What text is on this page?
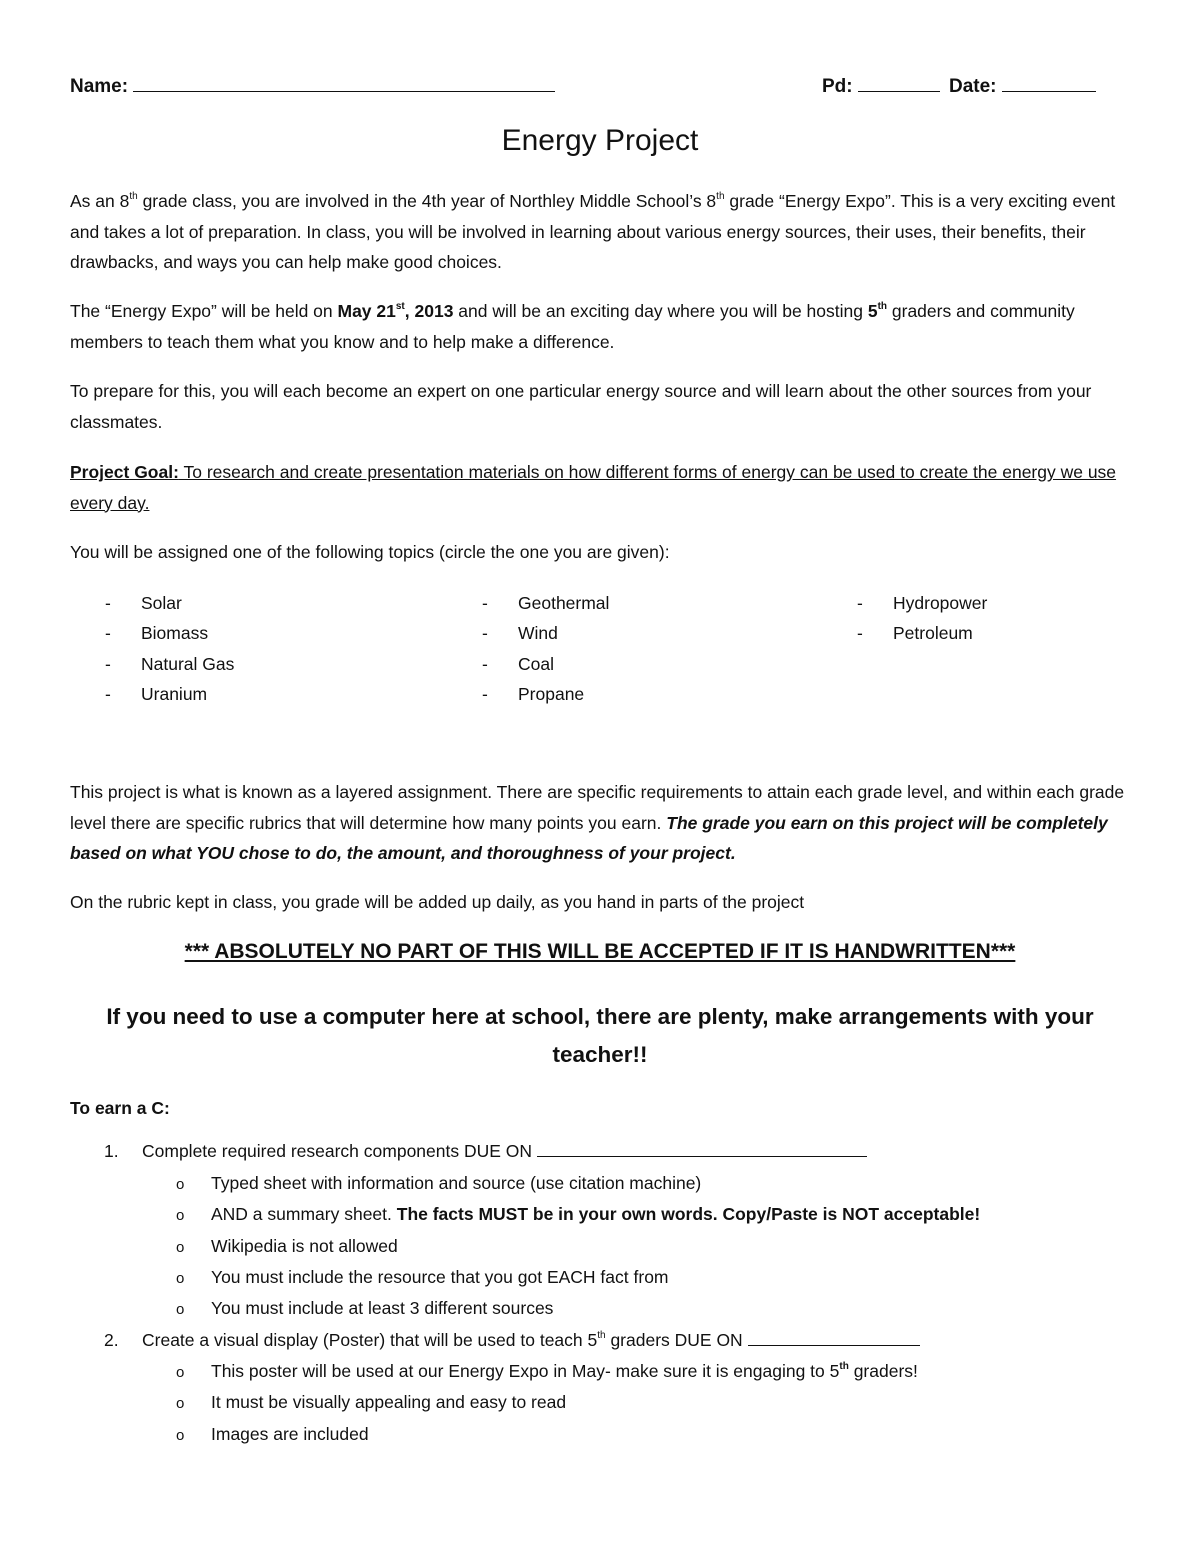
Name:	Pd:	Date:
Energy Project
As an 8th grade class, you are involved in the 4th year of Northley Middle School’s 8th grade “Energy Expo”. This is a very exciting event and takes a lot of preparation. In class, you will be involved in learning about various energy sources, their uses, their benefits, their drawbacks, and ways you can help make good choices.
The “Energy Expo” will be held on May 21st, 2013 and will be an exciting day where you will be hosting 5th graders and community members to teach them what you know and to help make a difference.
To prepare for this, you will each become an expert on one particular energy source and will learn about the other sources from your classmates.
Project Goal: To research and create presentation materials on how different forms of energy can be used to create the energy we use every day.
You will be assigned one of the following topics (circle the one you are given):
- Solar
- Biomass
- Natural Gas
- Uranium
- Geothermal
- Wind
- Coal
- Propane
- Hydropower
- Petroleum
This project is what is known as a layered assignment. There are specific requirements to attain each grade level, and within each grade level there are specific rubrics that will determine how many points you earn. The grade you earn on this project will be completely based on what YOU chose to do, the amount, and thoroughness of your project.
On the rubric kept in class, you grade will be added up daily, as you hand in parts of the project
*** ABSOLUTELY NO PART OF THIS WILL BE ACCEPTED IF IT IS HANDWRITTEN***
If you need to use a computer here at school, there are plenty, make arrangements with your teacher!!
To earn a C:
1. Complete required research components DUE ON
o Typed sheet with information and source (use citation machine)
o AND a summary sheet. The facts MUST be in your own words. Copy/Paste is NOT acceptable!
o Wikipedia is not allowed
o You must include the resource that you got EACH fact from
o You must include at least 3 different sources
2. Create a visual display (Poster) that will be used to teach 5th graders DUE ON
o This poster will be used at our Energy Expo in May- make sure it is engaging to 5th graders!
o It must be visually appealing and easy to read
o Images are included
